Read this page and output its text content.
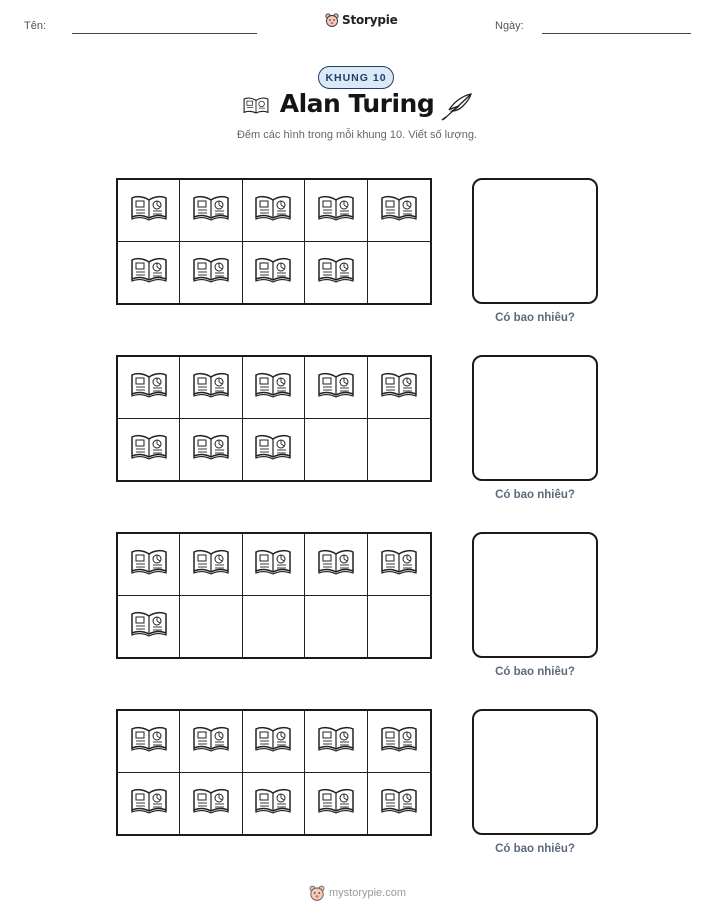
Tên:	Storypie	Ngày:
KHUNG 10
Alan Turing
Đếm các hình trong mỗi khung 10. Viết số lượng.
Có bao nhiêu?
Có bao nhiêu?
Có bao nhiêu?
Có bao nhiêu?
mystorypie.com
